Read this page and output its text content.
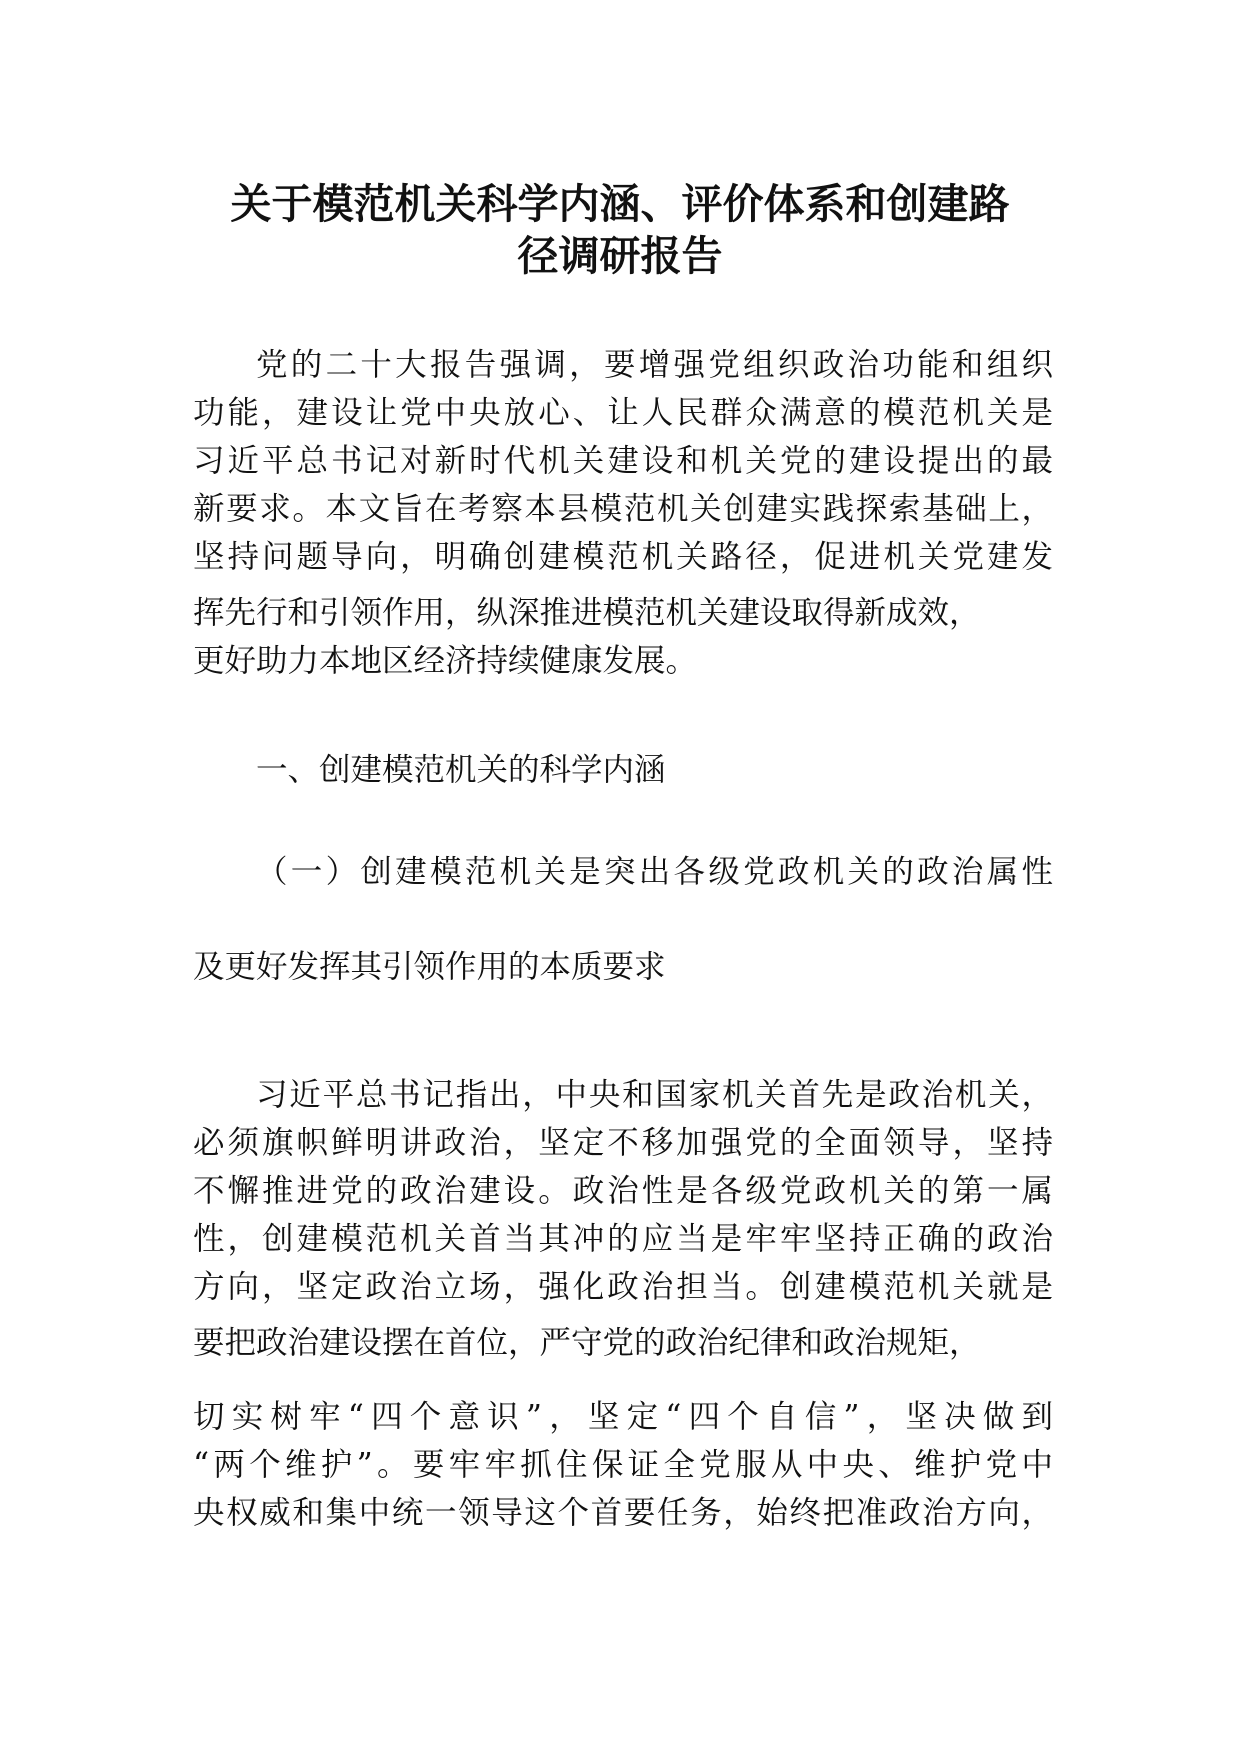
关于模范机关科学内涵、评价体系和创建路
径调研报告

党的二十大报告强调，要增强党组织政治功能和组织

功能，建设让党中央放心、让人民群众满意的模范机关是

习近平总书记对新时代机关建设和机关党的建设提出的最

新要求。本文旨在考察本县模范机关创建实践探索基础上，

坚持问题导向，明确创建模范机关路径，促进机关党建发

挥先行和引领作用，纵深推进模范机关建设取得新成效，

更好助力本地区经济持续健康发展。

一、创建模范机关的科学内涵

（一）创建模范机关是突出各级党政机关的政治属性

及更好发挥其引领作用的本质要求

习近平总书记指出，中央和国家机关首先是政治机关，

必须旗帜鲜明讲政治，坚定不移加强党的全面领导，坚持

不懈推进党的政治建设。政治性是各级党政机关的第一属

性，创建模范机关首当其冲的应当是牢牢坚持正确的政治

方向，坚定政治立场，强化政治担当。创建模范机关就是

要把政治建设摆在首位，严守党的政治纪律和政治规矩，

切实树牢“四个意识”，坚定“四个自信”，坚决做到

“两个维护”。要牢牢抓住保证全党服从中央、维护党中

央权威和集中统一领导这个首要任务，始终把准政治方向，
